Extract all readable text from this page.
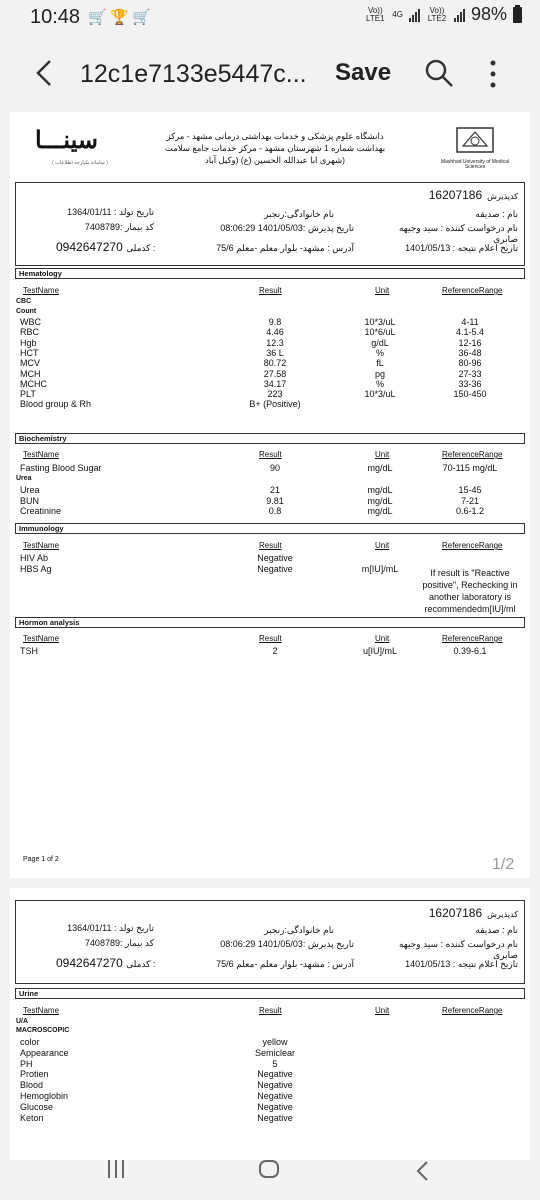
10:48 🛒 🏆 🛒	Vo)) LTE1 4G	Vo)) LTE2 98%
12c1e7133e5447c...	Save
سینـــا
( سامانه یکپارچه اطلاعات )
دانشگاه علوم پزشکی و خدمات بهداشتی درمانی مشهد - مرکز
بهداشت شماره 1 شهرستان مشهد - مرکز خدمات جامع سلامت
(شهری ابا عبدالله الحسین (ع) (وکیل آباد	Mashhad University of Medical Sciences
کدپذیرش  16207186
نام : صدیقه
نام خانوادگی:رنجبر
تاریخ تولد : 1364/01/11
نام درخواست کننده : سید وجیهه
تاریخ پذیرش :1401/05/03 08:06:29
کد بیمار :7408789
صابری
تاریخ اعلام نتیجه : 1401/05/13
آدرس : مشهد- بلوار معلم -معلم 75/6
0942647270 کدملی :
Hematology
TestName	Result	Unit	ReferenceRange
CBC
Count
WBC	9.8	10*3/uL	4-11
RBC	4.46	10*6/uL	4.1-5.4
Hgb	12.3	g/dL	12-16
HCT	36 L	%	36-48
MCV	80.72	fL	80-96
MCH	27.58	pg	27-33
MCHC	34.17	%	33-36
PLT	223	10*3/uL	150-450
Blood group & Rh	B+ (Positive)
Biochemistry
TestName	Result	Unit	ReferenceRange
Fasting Blood Sugar	90	mg/dL	70-115 mg/dL
Urea
Urea	21	mg/dL	15-45
BUN	9.81	mg/dL	7-21
Creatinine	0.8	mg/dL	0.6-1.2
Immunology
TestName	Result	Unit	ReferenceRange
HIV Ab	Negative
HBS Ag	Negative	m[IU]/mL	If result is "Reactive
positive", Rechecking in
another laboratory is
recommendedm[IU]/ml
Hormon analysis
TestName	Result	Unit	ReferenceRange
TSH	2	u[IU]/mL	0.39-6.1
Page 1 of 2	1/2
کدپذیرش  16207186
نام : صدیقه
نام خانوادگی:رنجبر
تاریخ تولد : 1364/01/11
نام درخواست کننده : سید وجیهه
تاریخ پذیرش :1401/05/03 08:06:29
کد بیمار :7408789
صابری
تاریخ اعلام نتیجه : 1401/05/13
آدرس : مشهد- بلوار معلم -معلم 75/6
0942647270 کدملی :
Urine
TestName	Result	Unit	ReferenceRange
U/A
MACROSCOPIC
color	yellow
Appearance	Semiclear
PH	5
Protien	Negative
Blood	Negative
Hemoglobin	Negative
Glucose	Negative
Keton	Negative
